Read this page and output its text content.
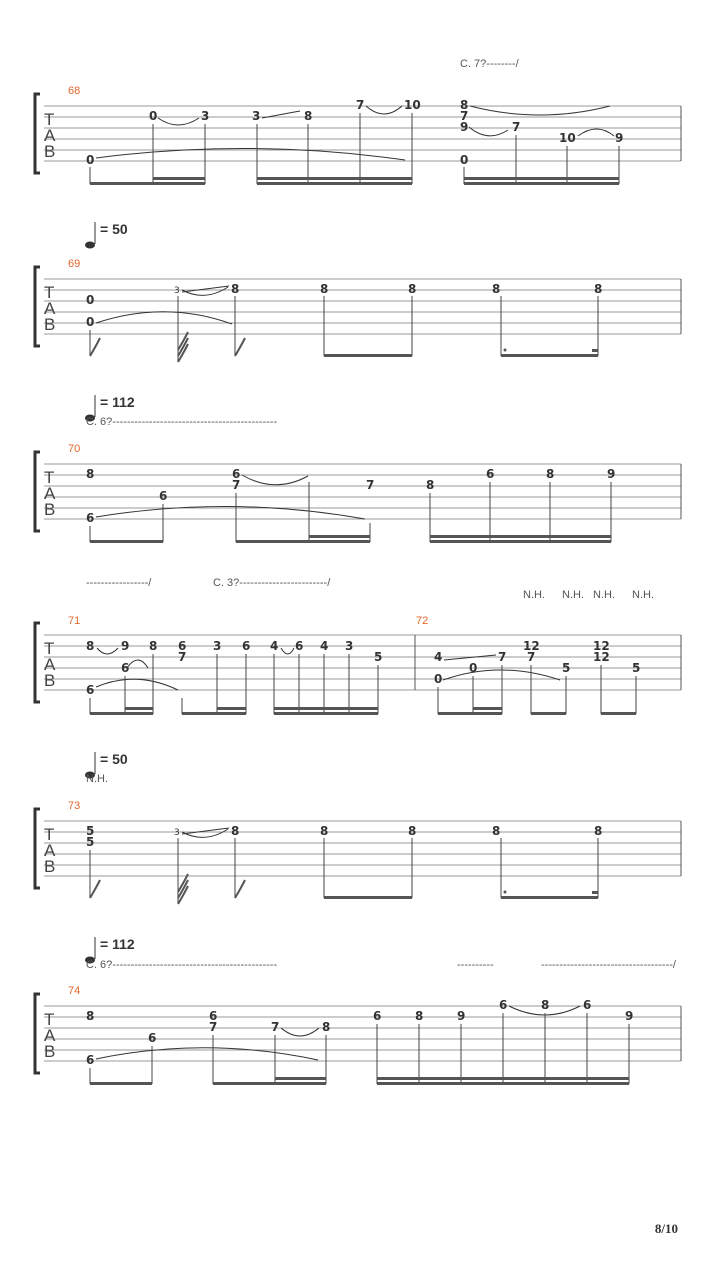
C. 7?--------/
T
A
B
68
0
0	3	3	8
7	10	8
7
9	7
10	9
0
= 50
T
A
B
69
0
0
3	8	8	8	8	8
= 112
C. 6?---------------------------------------------
T
A
B
70
8
6
6
6
7	7	8
6	8	9
-----------------/	C. 3?------------------------/
N.H. N.H. N.H. N.H.
T
A
B
71	72
8 9 8 6
6
7
3 6 4 6 4 3
5
6
4
0
0
7 7
12
5
12
12
5
= 50
N.H.
T
A
B
73
5
5
3	8	8	8	8	8
= 112
C. 6?---------------------------------------------	----------	------------------------------------/
T
A
B
74
8
6
6
6
7	7	8
6	8	9
6	8	6
9
8/10
